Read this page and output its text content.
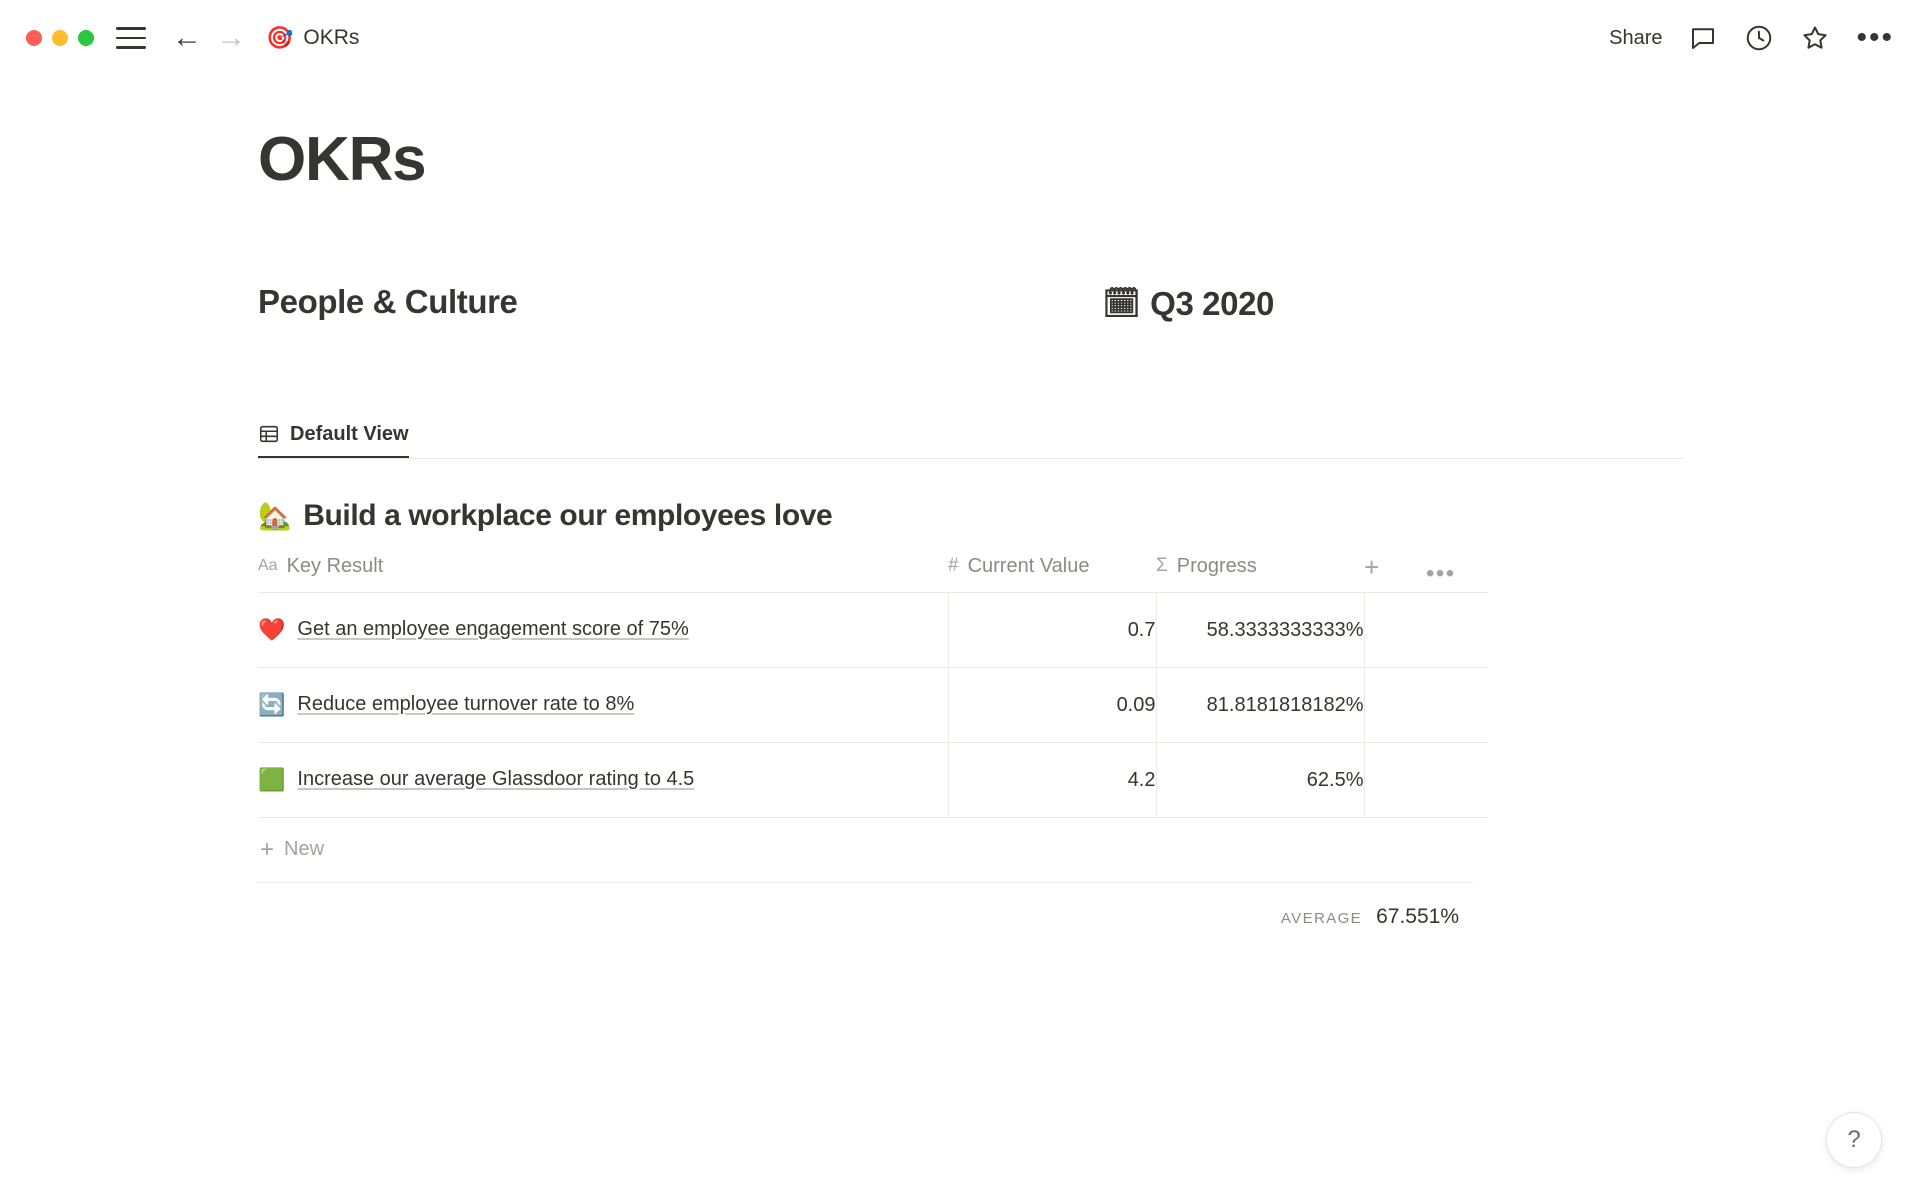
← → 🎯 OKRs	Share	•••
OKRs
People & Culture	🗓 Q3 2020
Default View
🏡 Build a workplace our employees love
Aa Key Result	# Current Value	Σ Progress	+	•••

❤️ Get an employee engagement score of 75%	0.7	58.3333333333%		

🔄 Reduce employee turnover rate to 8%	0.09	81.8181818182%		

🟩 Increase our average Glassdoor rating to 4.5	4.2	62.5%		
+ New
AVERAGE 67.551%
?
